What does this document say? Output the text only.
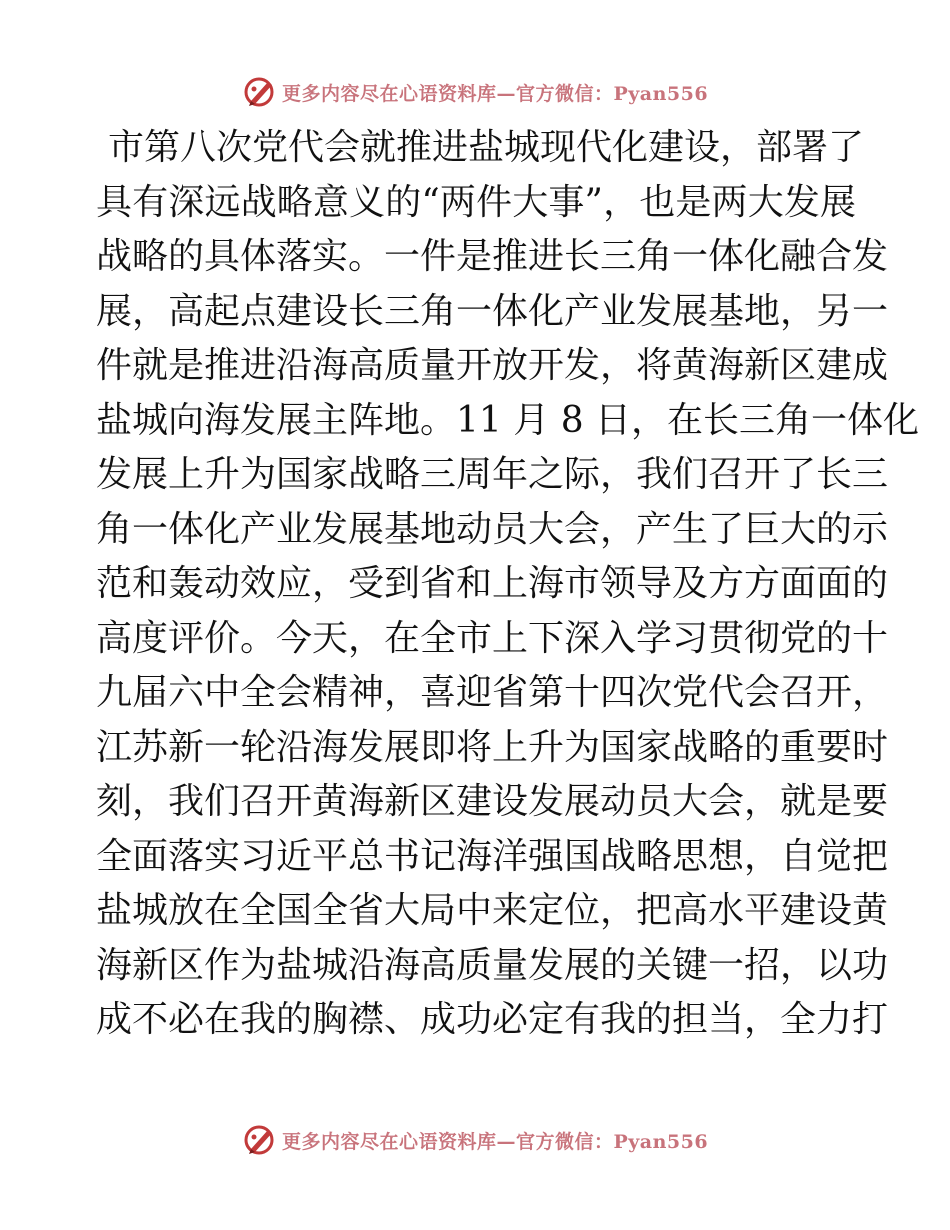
更多内容尽在心语资料库—官方微信：Pyan556
市第八次党代会就推进盐城现代化建设，部署了
具有深远战略意义的“两件大事”，也是两大发展
战略的具体落实。一件是推进长三角一体化融合发
展，高起点建设长三角一体化产业发展基地，另一
件就是推进沿海高质量开放开发，将黄海新区建成
盐城向海发展主阵地。11 月 8 日，在长三角一体化
发展上升为国家战略三周年之际，我们召开了长三
角一体化产业发展基地动员大会，产生了巨大的示
范和轰动效应，受到省和上海市领导及方方面面的
高度评价。今天，在全市上下深入学习贯彻党的十
九届六中全会精神，喜迎省第十四次党代会召开，
江苏新一轮沿海发展即将上升为国家战略的重要时
刻，我们召开黄海新区建设发展动员大会，就是要
全面落实习近平总书记海洋强国战略思想，自觉把
盐城放在全国全省大局中来定位，把高水平建设黄
海新区作为盐城沿海高质量发展的关键一招，以功
成不必在我的胸襟、成功必定有我的担当，全力打
更多内容尽在心语资料库—官方微信：Pyan556
